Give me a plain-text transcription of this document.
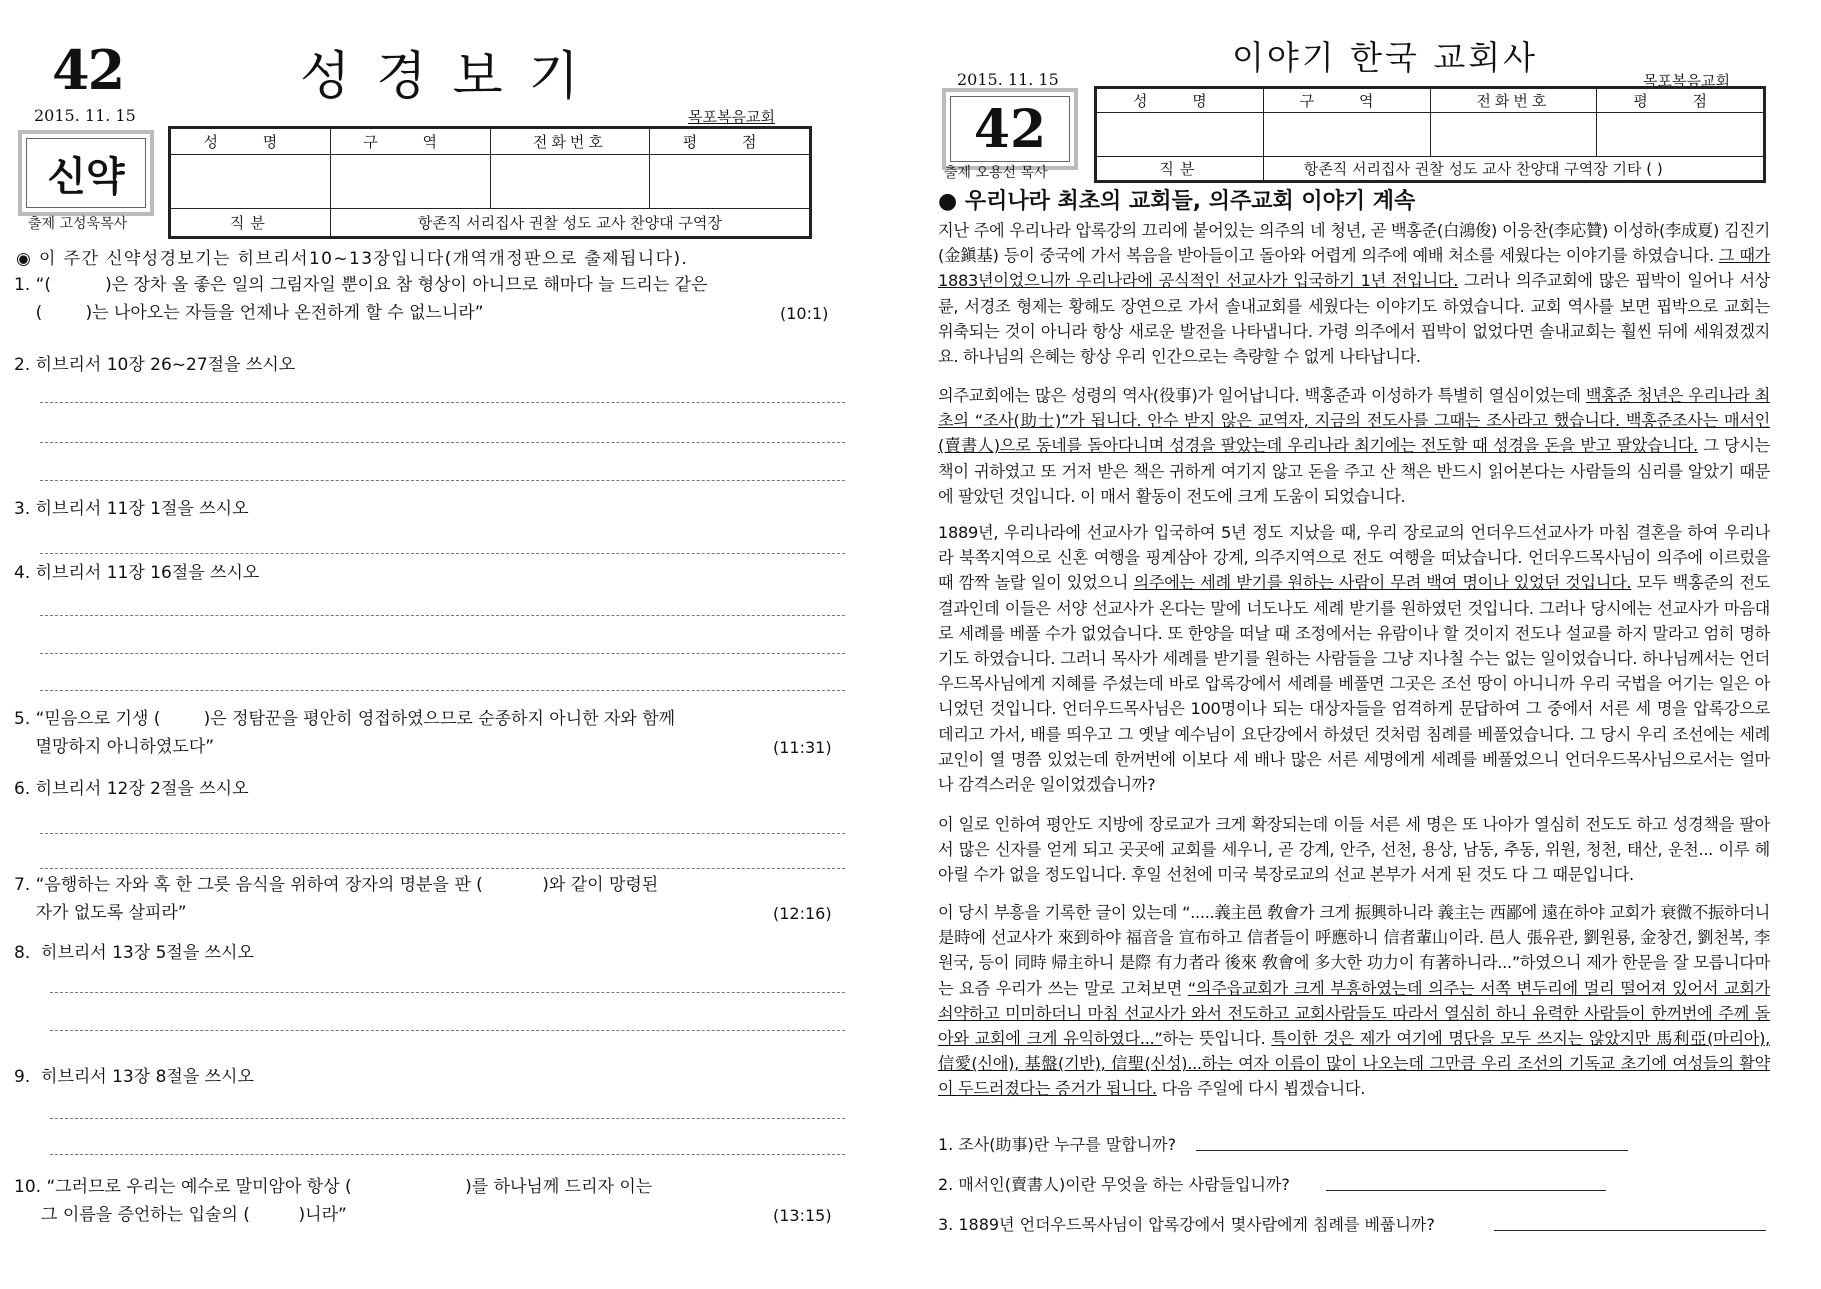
42	성경보기
2015. 11. 15	목포복음교회
신약
출제 고성욱목사
성 명	구 역	전화번호	평 점

직분	항존직 서리집사 권찰 성도 교사 찬양대 구역장		
◉ 이 주간 신약성경보기는 히브리서10~13장입니다(개역개정판으로 출제됩니다).
1. “(          )은 장차 올 좋은 일의 그림자일 뿐이요 참 형상이 아니므로 해마다 늘 드리는 같은
(        )는 나아오는 자들을 언제나 온전하게 할 수 없느니라”	(10:1)
2. 히브리서 10장 26~27절을 쓰시오
3. 히브리서 11장 1절을 쓰시오
4. 히브리서 11장 16절을 쓰시오
5. “믿음으로 기생 (        )은 정탐꾼을 평안히 영접하였으므로 순종하지 아니한 자와 함께
멸망하지 아니하였도다”	(11:31)
6. 히브리서 12장 2절을 쓰시오
7. “음행하는 자와 혹 한 그릇 음식을 위하여 장자의 명분을 판 (           )와 같이 망령된
자가 없도록 살피라”	(12:16)
8.  히브리서 13장 5절을 쓰시오
9.  히브리서 13장 8절을 쓰시오
10. “그러므로 우리는 예수로 말미암아 항상 (                     )를 하나님께 드리자 이는
그 이름을 증언하는 입술의 (         )니라”	(13:15)
이야기 한국 교회사
2015. 11. 15	목포복음교회
42
출제 오용선 목사
성 명	구 역	전화번호	평 점

직분	항존직 서리집사 권찰 성도 교사 찬양대 구역장 기타 ( )		
● 우리나라 최초의 교회들, 의주교회 이야기 계속
지난 주에 우리나라 압록강의 끄리에 붙어있는 의주의 네 청년, 곧 백홍준(白鴻俊) 이응찬(李応贊) 이성하(李成夏) 김진기(金鎭基) 등이 중국에 가서 복음을 받아들이고 돌아와 어렵게 의주에 예배 처소를 세웠다는 이야기를 하였습니다. 그 때가 1883년이었으니까 우리나라에 공식적인 선교사가 입국하기 1년 전입니다. 그러나 의주교회에 많은 핍박이 일어나 서상륜, 서경조 형제는 황해도 장연으로 가서 솔내교회를 세웠다는 이야기도 하였습니다. 교회 역사를 보면 핍박으로 교회는 위축되는 것이 아니라 항상 새로운 발전을 나타냅니다. 가령 의주에서 핍박이 없었다면 솔내교회는 훨씬 뒤에 세워졌겠지요. 하나님의 은혜는 항상 우리 인간으로는 측량할 수 없게 나타납니다.
의주교회에는 많은 성령의 역사(役事)가 일어납니다. 백홍준과 이성하가 특별히 열심이었는데 백홍준 청년은 우리나라 최초의 “조사(助士)”가 됩니다. 안수 받지 않은 교역자, 지금의 전도사를 그때는 조사라고 했습니다. 백홍준조사는 매서인(賣書人)으로 동네를 돌아다니며 성경을 팔았는데 우리나라 최기에는 전도할 때 성경을 돈을 받고 팔았습니다. 그 당시는 책이 귀하였고 또 거저 받은 책은 귀하게 여기지 않고 돈을 주고 산 책은 반드시 읽어본다는 사람들의 심리를 알았기 때문에 팔았던 것입니다. 이 매서 활동이 전도에 크게 도움이 되었습니다.
1889년, 우리나라에 선교사가 입국하여 5년 정도 지났을 때, 우리 장로교의 언더우드선교사가 마침 결혼을 하여 우리나라 북쪽지역으로 신혼 여행을 핑계삼아 강계, 의주지역으로 전도 여행을 떠났습니다. 언더우드목사님이 의주에 이르렀을 때 깜짝 놀랄 일이 있었으니 의주에는 세례 받기를 원하는 사람이 무려 백여 명이나 있었던 것입니다. 모두 백홍준의 전도 결과인데 이들은 서양 선교사가 온다는 말에 너도나도 세례 받기를 원하였던 것입니다. 그러나 당시에는 선교사가 마음대로 세례를 베풀 수가 없었습니다. 또 한양을 떠날 때 조정에서는 유람이나 할 것이지 전도나 설교를 하지 말라고 엄히 명하기도 하였습니다. 그러니 목사가 세례를 받기를 원하는 사람들을 그냥 지나칠 수는 없는 일이었습니다. 하나님께서는 언더우드목사님에게 지혜를 주셨는데 바로 압록강에서 세례를 베풀면 그곳은 조선 땅이 아니니까 우리 국법을 어기는 일은 아니었던 것입니다. 언더우드목사님은 100명이나 되는 대상자들을 엄격하게 문답하여 그 중에서 서른 세 명을 압록강으로 데리고 가서, 배를 띄우고 그 옛날 예수님이 요단강에서 하셨던 것처럼 침례를 베풀었습니다. 그 당시 우리 조선에는 세례교인이 열 명쯤 있었는데 한꺼번에 이보다 세 배나 많은 서른 세명에게 세례를 베풀었으니 언더우드목사님으로서는 얼마나 감격스러운 일이었겠습니까?
이 일로 인하여 평안도 지방에 장로교가 크게 확장되는데 이들 서른 세 명은 또 나아가 열심히 전도도 하고 성경책을 팔아서 많은 신자를 얻게 되고 곳곳에 교회를 세우니, 곧 강계, 안주, 선천, 용상, 남동, 추동, 위원, 청천, 태산, 운천... 이루 헤아릴 수가 없을 정도입니다. 후일 선천에 미국 북장로교의 선교 본부가 서게 된 것도 다 그 때문입니다.
이 당시 부흥을 기록한 글이 있는데 “.....義主邑 敎會가 크게 振興하니라 義主는 西鄙에 遠在하야 교회가 衰微不振하더니 是時에 선교사가 來到하야 福音을 宣布하고 信者들이 呼應하니 信者輩山이라. 邑人 張유관, 劉원룡, 金창건, 劉천복, 李원국, 등이 同時 帰主하니 是際 有力者라 後來 敎會에 多大한 功力이 有著하니라...”하였으니 제가 한문을 잘 모릅니다마는 요즘 우리가 쓰는 말로 고쳐보면 “의주읍교회가 크게 부흥하였는데 의주는 서쪽 변두리에 멀리 떨어져 있어서 교회가 쇠약하고 미미하더니 마침 선교사가 와서 전도하고 교회사람들도 따라서 열심히 하니 유력한 사람들이 한꺼번에 주께 돌아와 교회에 크게 유익하였다...”하는 뜻입니다. 특이한 것은 제가 여기에 명단을 모두 쓰지는 않았지만 馬利亞(마리아), 信愛(신애), 基盤(기반), 信聖(신성)...하는 여자 이름이 많이 나오는데 그만큼 우리 조선의 기독교 초기에 여성들의 활약이 두드러졌다는 증거가 됩니다. 다음 주일에 다시 뵙겠습니다.
1. 조사(助事)란 누구를 말합니까?
2. 매서인(賣書人)이란 무엇을 하는 사람들입니까?
3. 1889년 언더우드목사님이 압록강에서 몇사람에게 침례를 베풉니까?
